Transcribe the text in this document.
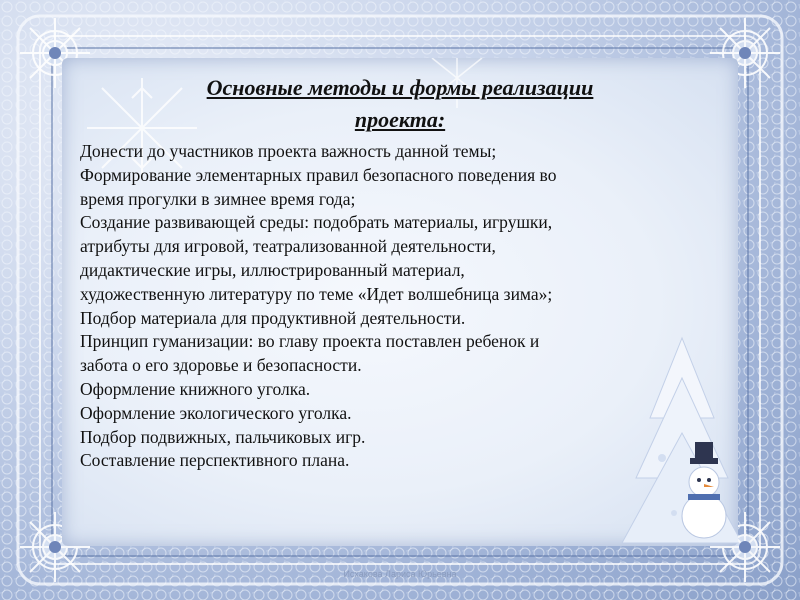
Основные методы и формы реализации
проекта:
Донести до участников проекта важность данной темы;
Формирование элементарных правил безопасного поведения во
время прогулки в зимнее время года;
Создание развивающей среды: подобрать материалы, игрушки,
атрибуты для игровой, театрализованной деятельности,
дидактические игры, иллюстрированный материал,
художественную литературу по теме «Идет волшебница зима»;
Подбор материала для продуктивной деятельности.
Принцип гуманизации: во главу проекта поставлен ребенок и
забота о его здоровье и безопасности.
Оформление книжного уголка.
Оформление экологического уголка.
Подбор подвижных, пальчиковых игр.
Составление перспективного плана.
Исхакова Лариса Юрьевна
